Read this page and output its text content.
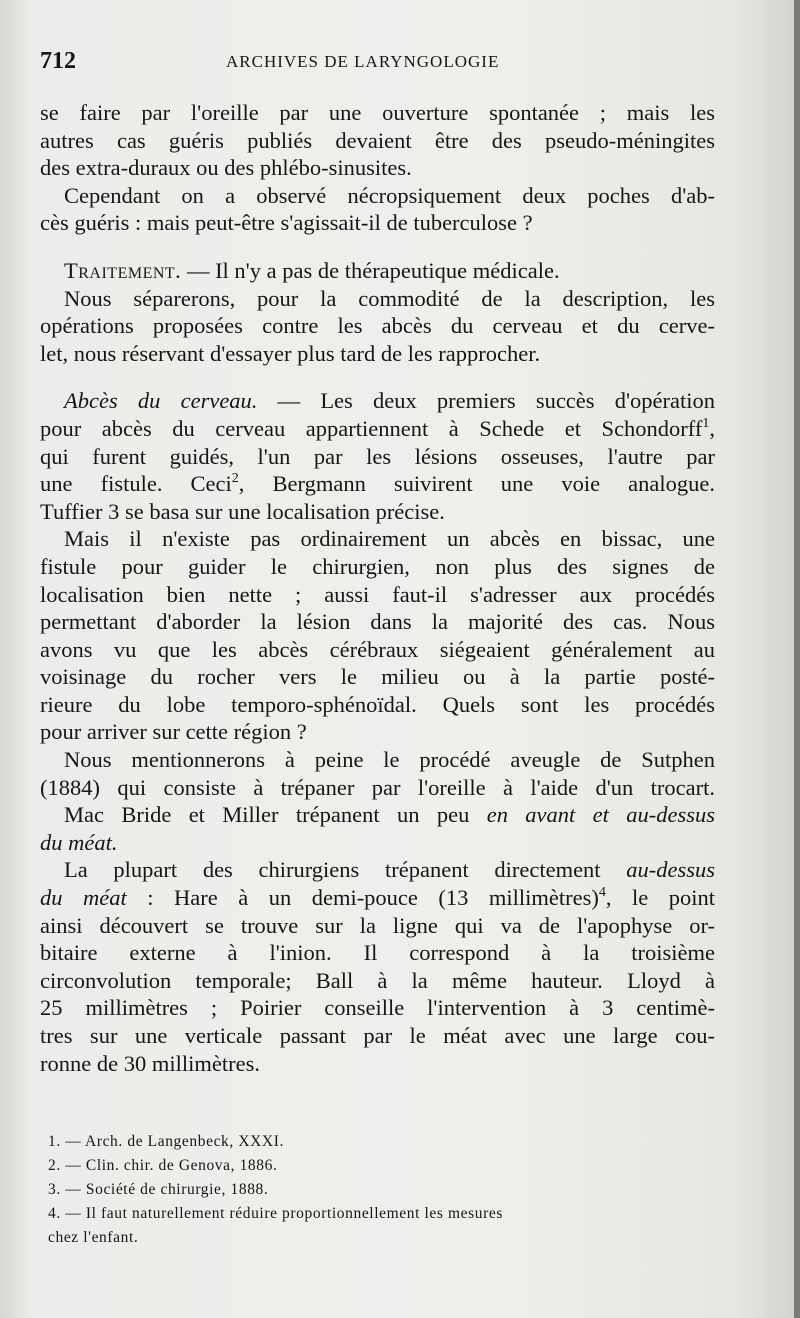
712	ARCHIVES DE LARYNGOLOGIE
se faire par l'oreille par une ouverture spontanée ; mais les
autres cas guéris publiés devaient être des pseudo-méningites
des extra-duraux ou des phlébo-sinusites.
Cependant on a observé nécropsiquement deux poches d'ab-
cès guéris : mais peut-être s'agissait-il de tuberculose ?
Traitement. — Il n'y a pas de thérapeutique médicale.
Nous séparerons, pour la commodité de la description, les
opérations proposées contre les abcès du cerveau et du cerve-
let, nous réservant d'essayer plus tard de les rapprocher.
Abcès du cerveau. — Les deux premiers succès d'opération
pour abcès du cerveau appartiennent à Schede et Schondorff$^1$,
qui furent guidés, l'un par les lésions osseuses, l'autre par
une fistule. Ceci$^2$, Bergmann suivirent une voie analogue.
Tuffier 3 se basa sur une localisation précise.
Mais il n'existe pas ordinairement un abcès en bissac, une
fistule pour guider le chirurgien, non plus des signes de
localisation bien nette ; aussi faut-il s'adresser aux procédés
permettant d'aborder la lésion dans la majorité des cas. Nous
avons vu que les abcès cérébraux siégeaient généralement au
voisinage du rocher vers le milieu ou à la partie posté-
rieure du lobe temporo-sphénoïdal. Quels sont les procédés
pour arriver sur cette région ?
Nous mentionnerons à peine le procédé aveugle de Sutphen
(1884) qui consiste à trépaner par l'oreille à l'aide d'un trocart.
Mac Bride et Miller trépanent un peu en avant et au-dessus
du méat.
La plupart des chirurgiens trépanent directement au-dessus
du méat : Hare à un demi-pouce (13 millimètres)$^4$, le point
ainsi découvert se trouve sur la ligne qui va de l'apophyse or-
bitaire externe à l'inion. Il correspond à la troisième
circonvolution temporale; Ball à la même hauteur. Lloyd à
25 millimètres ; Poirier conseille l'intervention à 3 centimè-
tres sur une verticale passant par le méat avec une large cou-
ronne de 30 millimètres.
1. — Arch. de Langenbeck, XXXI.
2. — Clin. chir. de Genova, 1886.
3. — Société de chirurgie, 1888.
4. — Il faut naturellement réduire proportionnellement les mesures
chez l'enfant.
